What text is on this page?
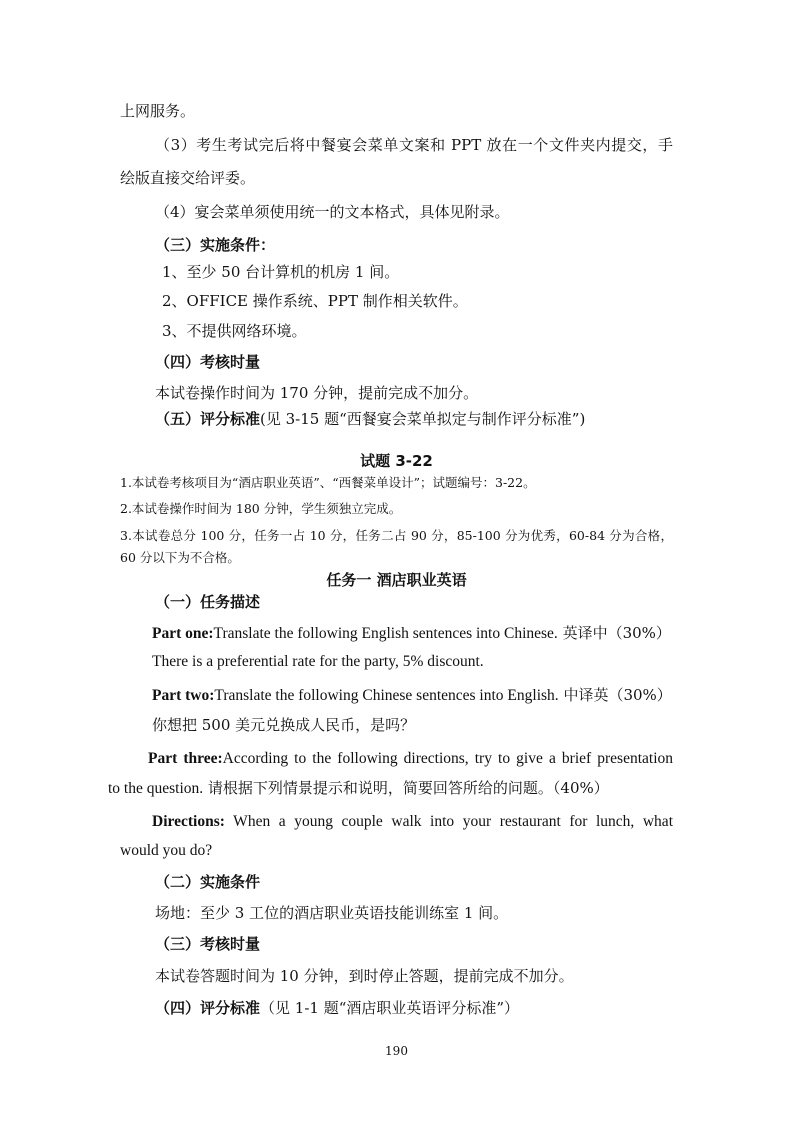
上网服务。
（3）考生考试完后将中餐宴会菜单文案和 PPT 放在一个文件夹内提交，手
绘版直接交给评委。
（4）宴会菜单须使用统一的文本格式，具体见附录。
（三）实施条件：
1、至少 50 台计算机的机房 1 间。
2、OFFICE 操作系统、PPT 制作相关软件。
3、不提供网络环境。
（四）考核时量
本试卷操作时间为 170 分钟，提前完成不加分。
（五）评分标准(见 3-15 题“西餐宴会菜单拟定与制作评分标准”)
试题 3-22
1.本试卷考核项目为“酒店职业英语”、“西餐菜单设计”；试题编号：3-22。
2.本试卷操作时间为 180 分钟，学生须独立完成。
3.本试卷总分 100 分，任务一占 10 分，任务二占 90 分，85-100 分为优秀，60-84 分为合格，
60 分以下为不合格。
任务一 酒店职业英语
（一）任务描述
Part one:Translate the following English sentences into Chinese. 英译中（30%）
There is a preferential rate for the party, 5% discount.
Part two:Translate the following Chinese sentences into English. 中译英（30%）
你想把 500 美元兑换成人民币，是吗？
Part three:According to the following directions, try to give a brief presentation
to the question. 请根据下列情景提示和说明，简要回答所给的问题。（40%）
Directions: When a young couple walk into your restaurant for lunch, what
would you do?
（二）实施条件
场地：至少 3 工位的酒店职业英语技能训练室 1 间。
（三）考核时量
本试卷答题时间为 10 分钟，到时停止答题，提前完成不加分。
（四）评分标准（见 1-1 题“酒店职业英语评分标准”）
190
